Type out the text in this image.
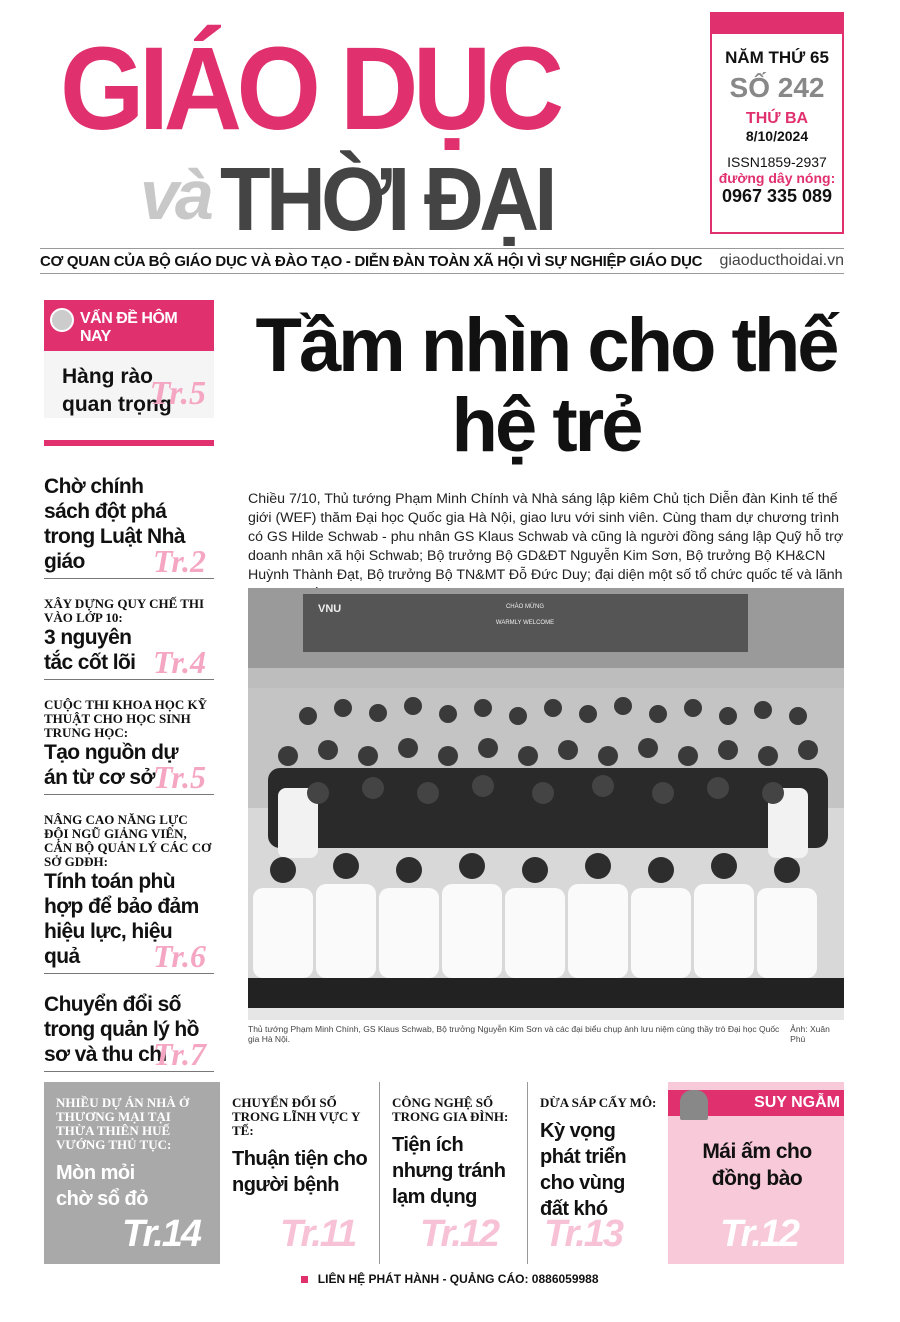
GIÁO DỤC
và THỜI ĐẠI
NĂM THỨ 65
SỐ 242
THỨ BA
8/10/2024
ISSN1859-2937
đường dây nóng:
0967 335 089
CƠ QUAN CỦA BỘ GIÁO DỤC VÀ ĐÀO TẠO - DIỄN ĐÀN TOÀN XÃ HỘI VÌ SỰ NGHIỆP GIÁO DỤC giaoducthoidai.vn
VẤN ĐỀ HÔM NAY
Hàng rào quan trọng
Tr.5
Chờ chính sách đột phá trong Luật Nhà giáo	Tr.2
XÂY DỰNG QUY CHẾ THI VÀO LỚP 10:
3 nguyên tắc cốt lõi Tr.4
CUỘC THI KHOA HỌC KỸ THUẬT CHO HỌC SINH TRUNG HỌC:
Tạo nguồn dự án từ cơ sở
Tr.5
NÂNG CAO NĂNG LỰC ĐỘI NGŨ GIẢNG VIÊN, CÁN BỘ QUẢN LÝ CÁC CƠ SỞ GDĐH:
Tính toán phù hợp để bảo đảm hiệu lực, hiệu quả	Tr.6
Chuyển đổi số trong quản lý hồ sơ và thu chi
Tr.7
Tầm nhìn cho thế hệ trẻ
Chiều 7/10, Thủ tướng Phạm Minh Chính và Nhà sáng lập kiêm Chủ tịch Diễn đàn Kinh tế thế giới (WEF) thăm Đại học Quốc gia Hà Nội, giao lưu với sinh viên. Cùng tham dự chương trình có GS Hilde Schwab - phu nhân GS Klaus Schwab và cũng là người đồng sáng lập Quỹ hỗ trợ doanh nhân xã hội Schwab; Bộ trưởng Bộ GD&ĐT Nguyễn Kim Sơn, Bộ trưởng Bộ KH&CN Huỳnh Thành Đạt, Bộ trưởng Bộ TN&MT Đỗ Đức Duy; đại diện một số tổ chức quốc tế và lãnh
VNU	CHÀO MỪNG
WARMLY WELCOME
Thủ tướng Phạm Minh Chính, GS Klaus Schwab, Bộ trưởng Nguyễn Kim Sơn và các đại biểu chụp ảnh lưu niệm cùng thầy trò Đại học Quốc gia Hà Nội.
Ảnh: Xuân Phú
NHIỀU DỰ ÁN NHÀ Ở THƯƠNG MẠI TẠI THỪA THIÊN HUẾ VƯỚNG THỦ TỤC:
Mòn mỏi chờ sổ đỏ
Tr.14
CHUYỂN ĐỔI SỐ TRONG LĨNH VỰC Y TẾ:
Thuận tiện cho người bệnh
Tr.11
CÔNG NGHỆ SỐ TRONG GIA ĐÌNH:
Tiện ích nhưng tránh lạm dụng
Tr.12
DỪA SÁP CẤY MÔ:
Kỳ vọng phát triển cho vùng đất khó
Tr.13
SUY NGẪM
Mái ấm cho đồng bào
Tr.12
LIÊN HỆ PHÁT HÀNH - QUẢNG CÁO: 0886059988
